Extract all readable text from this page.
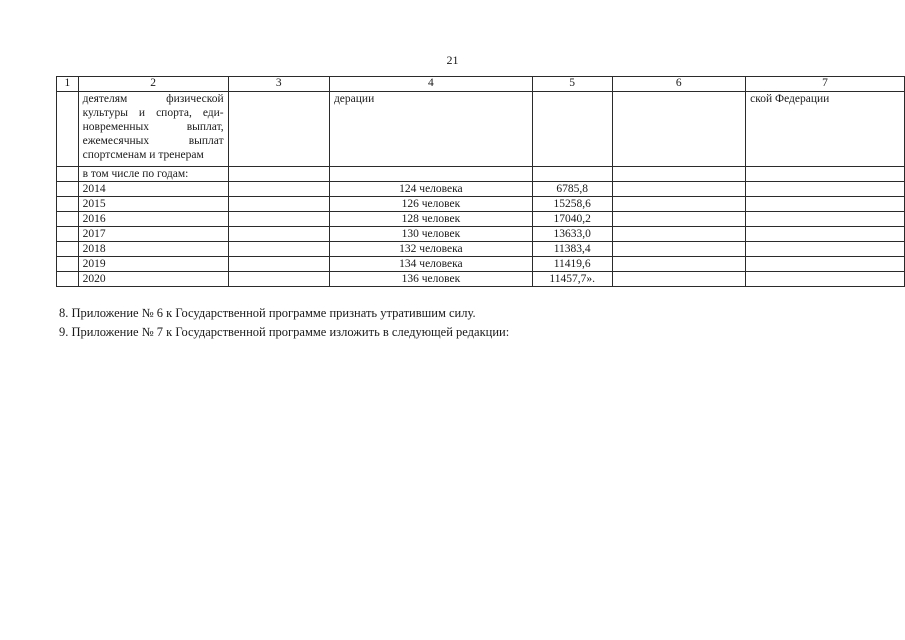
21
1	2	3	4	5	6	7
	деятелям физической культуры и спорта, еди-новременных выплат, ежемесячных выплат спортсменам и тренерам		дерации			ской Федерации
	в том числе по годам:					
	2014		124 человека	6785,8		
	2015		126 человек	15258,6		
	2016		128 человек	17040,2		
	2017		130 человек	13633,0		
	2018		132 человека	11383,4		
	2019		134 человека	11419,6		
	2020		136 человек	11457,7».		

8. Приложение № 6 к Государственной программе признать утратившим силу.

9. Приложение № 7 к Государственной программе изложить в следующей редакции:
